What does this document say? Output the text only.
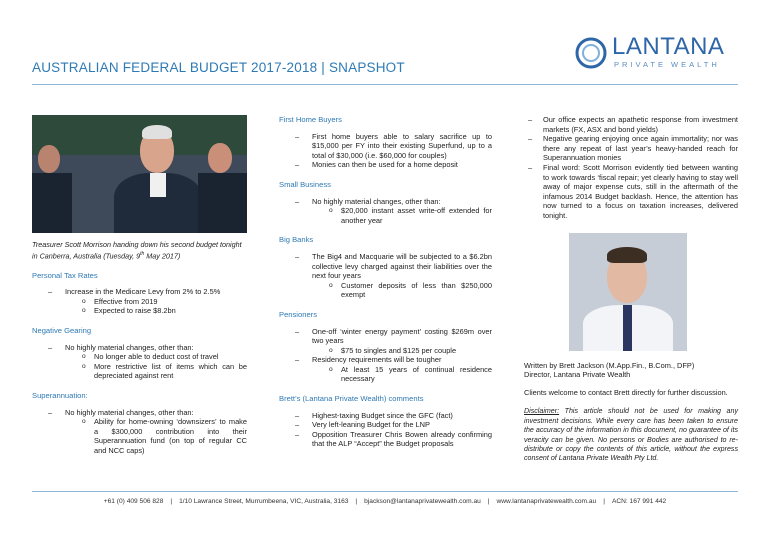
AUSTRALIAN FEDERAL BUDGET 2017-2018 | SNAPSHOT
LANTANA
PRIVATE WEALTH
Treasurer Scott Morrison handing down his second budget tonight in Canberra, Australia (Tuesday, 9th May 2017)
Personal Tax Rates
– Increase in the Medicare Levy from 2% to 2.5%
o Effective from 2019
o Expected to raise $8.2bn
Negative Gearing
– No highly material changes, other than:
o No longer able to deduct cost of travel
o More restrictive list of items which can be depreciated against rent
Superannuation:
– No highly material changes, other than:
o Ability for home-owning ‘downsizers’ to make a $300,000 contribution into their Superannuation fund (on top of regular CC and NCC caps)
First Home Buyers
– First home buyers able to salary sacrifice up to $15,000 per FY into their existing Superfund, up to a total of $30,000 (i.e. $60,000 for couples)
– Monies can then be used for a home deposit
Small Business
– No highly material changes, other than:
o $20,000 instant asset write-off extended for another year
Big Banks
– The Big4 and Macquarie will be subjected to a $6.2bn collective levy charged against their liabilities over the next four years
o Customer deposits of less than $250,000 exempt
Pensioners
– One-off ‘winter energy payment’ costing $269m over two years
o $75 to singles and $125 per couple
– Residency requirements will be tougher
o At least 15 years of continual residence necessary
Brett’s (Lantana Private Wealth) comments
– Highest-taxing Budget since the GFC (fact)
– Very left-leaning Budget for the LNP
– Opposition Treasurer Chris Bowen already confirming that the ALP “Accept” the Budget proposals
– Our office expects an apathetic response from investment markets (FX, ASX and bond yields)
– Negative gearing enjoying once again immortality; nor was there any repeat of last year’s heavy-handed reach for Superannuation monies
– Final word: Scott Morrison evidently tied between wanting to work towards ‘fiscal repair; yet clearly having to stay well away of major expense cuts, still in the aftermath of the infamous 2014 Budget backlash. Hence, the attention has now turned to a focus on taxation increases, delivered tonight.
Written by Brett Jackson (M.App.Fin., B.Com., DFP)
Director, Lantana Private Wealth
Clients welcome to contact Brett directly for further discussion.
Disclaimer: This article should not be used for making any investment decisions. While every care has been taken to ensure the accuracy of the information in this document, no guarantee of its veracity can be given. No persons or Bodies are authorised to re-distribute or copy the contents of this article, without the express consent of Lantana Private Wealth Pty Ltd.
+61 (0) 409 506 828 | 1/10 Lawrance Street, Murrumbeena, VIC, Australia, 3163 | bjackson@lantanaprivatewealth.com.au | www.lantanaprivatewealth.com.au | ACN: 167 991 442
